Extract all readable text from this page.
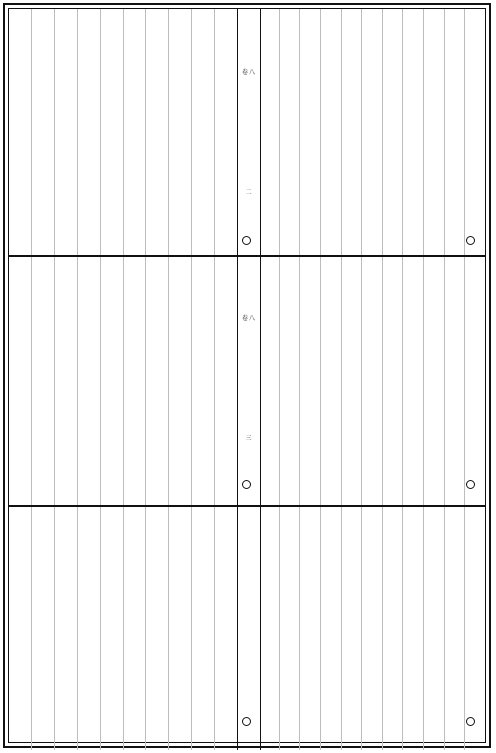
卷八
二
卷八
三
